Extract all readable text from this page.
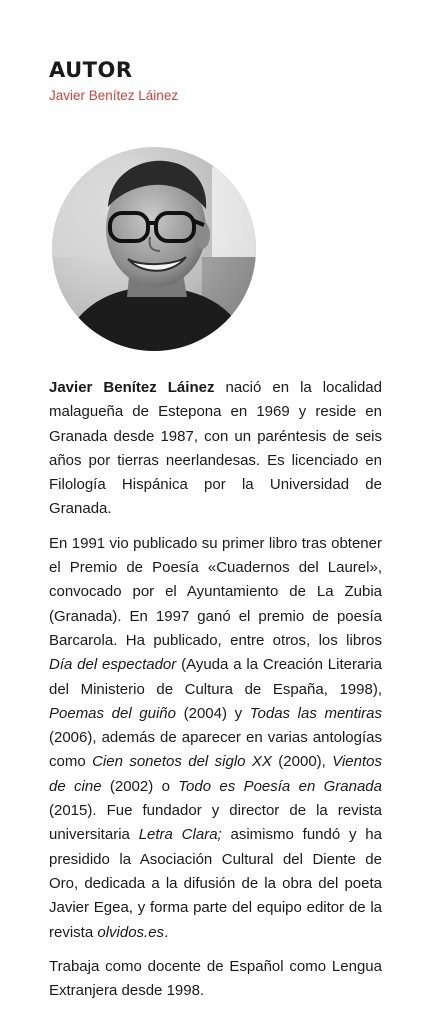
AUTOR
Javier Benítez Láinez

Javier Benítez Láinez nació en la localidad malagueña de Estepona en 1969 y reside en Granada desde 1987, con un paréntesis de seis años por tierras neerlandesas. Es licenciado en Filología Hispánica por la Universidad de Granada.

En 1991 vio publicado su primer libro tras obtener el Premio de Poesía «Cuadernos del Laurel», convocado por el Ayuntamiento de La Zubia (Granada). En 1997 ganó el premio de poesía Barcarola. Ha publicado, entre otros, los libros Día del espectador (Ayuda a la Creación Literaria del Ministerio de Cultura de España, 1998), Poemas del guiño (2004) y Todas las mentiras (2006), además de aparecer en varias antologías como Cien sonetos del siglo XX (2000), Vientos de cine (2002) o Todo es Poesía en Granada (2015). Fue fundador y director de la revista universitaria Letra Clara; asimismo fundó y ha presidido la Asociación Cultural del Diente de Oro, dedicada a la difusión de la obra del poeta Javier Egea, y forma parte del equipo editor de la revista olvidos.es.

Trabaja como docente de Español como Lengua Extranjera desde 1998.
